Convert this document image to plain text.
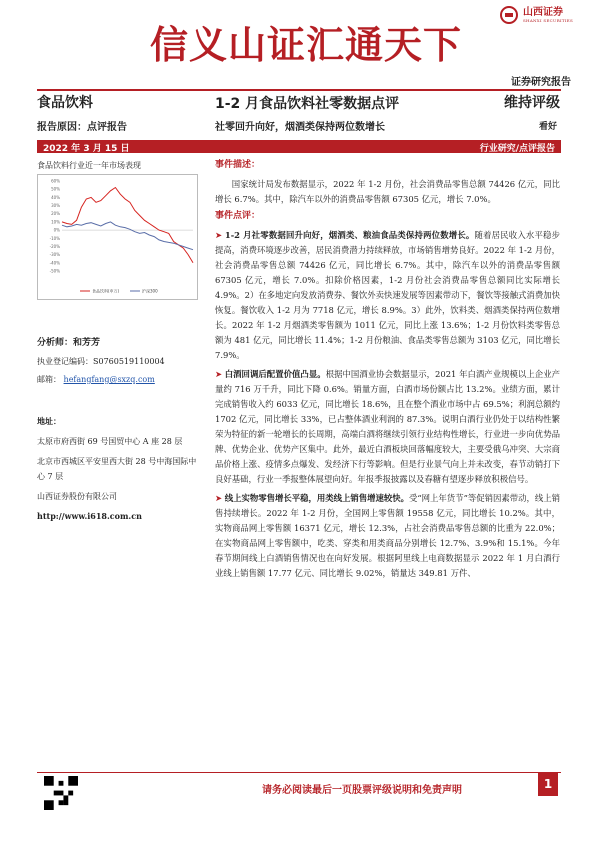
信义山证汇通天下
山西证券
SHANXI SECURITIES
证券研究报告
食品饮料
报告原因：点评报告
1-2 月食品饮料社零数据点评
社零回升向好，烟酒类保持两位数增长
维持评级
看好
2022 年 3 月 15 日	行业研究/点评报告
食品饮料行业近一年市场表现
60%
50%
40%
30%
20%
10%
0%
-10%
-20%
-30%
-40%
-50%
食品饮料(申万)	沪深300
分析师：和芳芳
执业登记编码：S0760519110004
邮箱： hefangfang@sxzq.com
地址：
太原市府西街 69 号国贸中心 A 座 28 层
北京市西城区平安里西大街 28 号中海国际中心 7 层
山西证券股份有限公司
http://www.i618.com.cn
事件描述：
国家统计局发布数据显示，2022 年 1-2 月份，社会消费品零售总额 74426 亿元，同比增长 6.7%。其中，除汽车以外的消费品零售额 67305 亿元，增长 7.0%。
事件点评：
➤ 1-2 月社零数据回升向好，烟酒类、粮油食品类保持两位数增长。随着居民收入水平稳步提高，消费环境逐步改善，居民消费潜力持续释放，市场销售增势良好。2022 年 1-2 月份，社会消费品零售总额 74426 亿元，同比增长 6.7%。其中，除汽车以外的消费品零售额 67305 亿元，增长 7.0%。扣除价格因素，1-2 月份社会消费品零售总额同比实际增长 4.9%。2）在多地定向发放消费券、餐饮外卖快速发展等因素带动下，餐饮等接触式消费加快恢复。餐饮收入 1-2 月为 7718 亿元，增长 8.9%。3）此外，饮料类、烟酒类保持两位数增长。2022 年 1-2 月烟酒类零售额为 1011 亿元，同比上涨 13.6%；1-2 月份饮料类零售总额为 481 亿元，同比增长 11.4%；1-2 月份粮油、食品类零售总额为 3103 亿元，同比增长 7.9%。
➤ 白酒回调后配置价值凸显。根据中国酒业协会数据显示，2021 年白酒产业规模以上企业产量约 716 万千升，同比下降 0.6%。销量方面，白酒市场份额占比 13.2%。业绩方面，累计完成销售收入约 6033 亿元，同比增长 18.6%，且在整个酒业市场中占 69.5%；利润总额约 1702 亿元，同比增长 33%，已占整体酒业利润的 87.3%。说明白酒行业仍处于以结构性繁荣为特征的新一轮增长的长周期，高端白酒将继续引领行业结构性增长，行业进一步向优势品牌、优势企业、优势产区集中。此外，最近白酒板块回落幅度较大，主要受俄乌冲突、大宗商品价格上涨、疫情多点爆发、发经济下行等影响。但是行业景气向上并未改变，春节动销打下良好基础，行业一季报整体展望向好。年报季报披露以及春糖有望逐步释放积极信号。
➤ 线上实物零售增长平稳，用类线上销售增速较快。受“网上年货节”等促销因素带动，线上销售持续增长。2022 年 1-2 月份，全国网上零售额 19558 亿元，同比增长 10.2%。其中，实物商品网上零售额 16371 亿元，增长 12.3%，占社会消费品零售总额的比重为 22.0%；在实物商品网上零售额中，吃类、穿类和用类商品分别增长 12.7%、3.9%和 15.1%。今年春节期间线上白酒销售情况也在向好发展。根据阿里线上电商数据显示 2022 年 1 月白酒行业线上销售额 17.77 亿元、同比增长 9.02%，销量达 349.81 万件、
请务必阅读最后一页股票评级说明和免责声明	1
